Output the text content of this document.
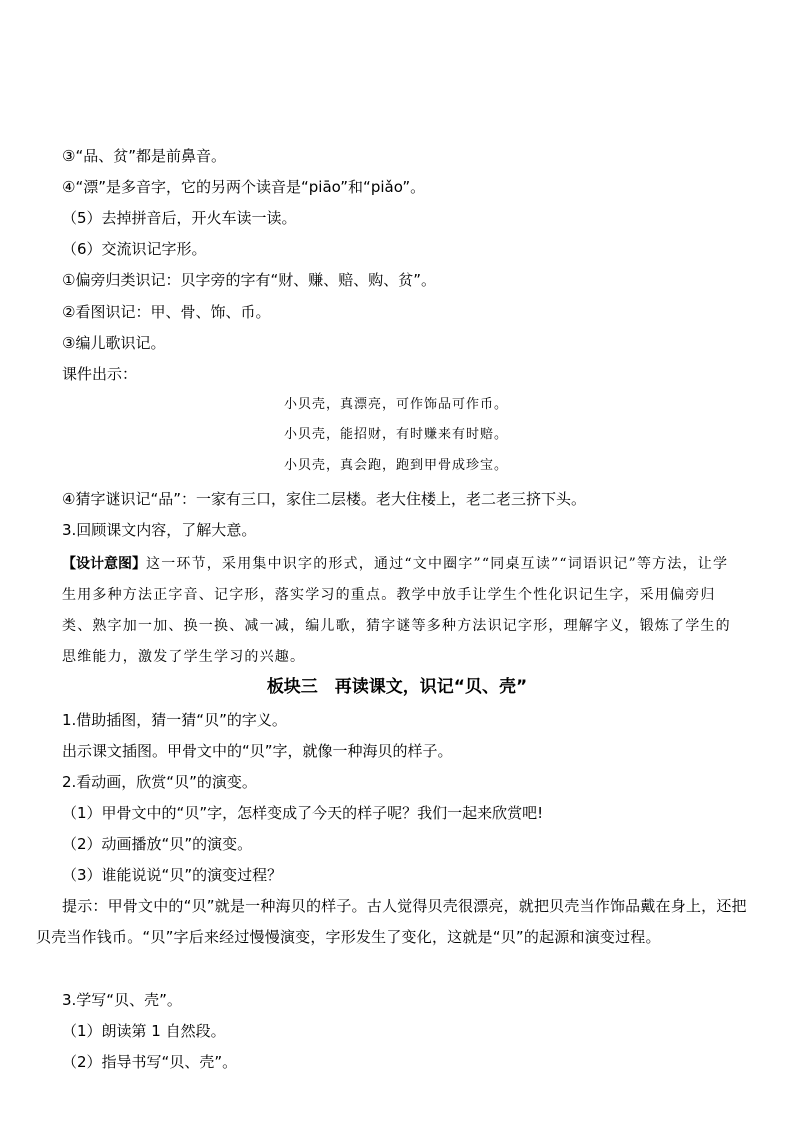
③“品、贫”都是前鼻音。
④“漂”是多音字，它的另两个读音是“piāo”和“piǎo”。
（5）去掉拼音后，开火车读一读。
（6）交流识记字形。
①偏旁归类识记：贝字旁的字有“财、赚、赔、购、贫”。
②看图识记：甲、骨、饰、币。
③编儿歌识记。
课件出示：
小贝壳，真漂亮，可作饰品可作币。
小贝壳，能招财，有时赚来有时赔。
小贝壳，真会跑，跑到甲骨成珍宝。
④猜字谜识记“品”：一家有三口，家住二层楼。老大住楼上，老二老三挤下头。
3.回顾课文内容，了解大意。
【设计意图】这一环节，采用集中识字的形式，通过“文中圈字”“同桌互读”“词语识记”等方法，让学生用多种方法正字音、记字形，落实学习的重点。教学中放手让学生个性化识记生字，采用偏旁归类、熟字加一加、换一换、减一减，编儿歌，猜字谜等多种方法识记字形，理解字义，锻炼了学生的思维能力，激发了学生学习的兴趣。
板块三　再读课文，识记“贝、壳”
1.借助插图，猜一猜“贝”的字义。
出示课文插图。甲骨文中的“贝”字，就像一种海贝的样子。
2.看动画，欣赏“贝”的演变。
（1）甲骨文中的“贝”字，怎样变成了今天的样子呢？我们一起来欣赏吧!
（2）动画播放“贝”的演变。
（3）谁能说说“贝”的演变过程？
提示：甲骨文中的“贝”就是一种海贝的样子。古人觉得贝壳很漂亮，就把贝壳当作饰品戴在身上，还把贝壳当作钱币。“贝”字后来经过慢慢演变，字形发生了变化，这就是“贝”的起源和演变过程。
3.学写“贝、壳”。
（1）朗读第 1 自然段。
（2）指导书写“贝、壳”。
